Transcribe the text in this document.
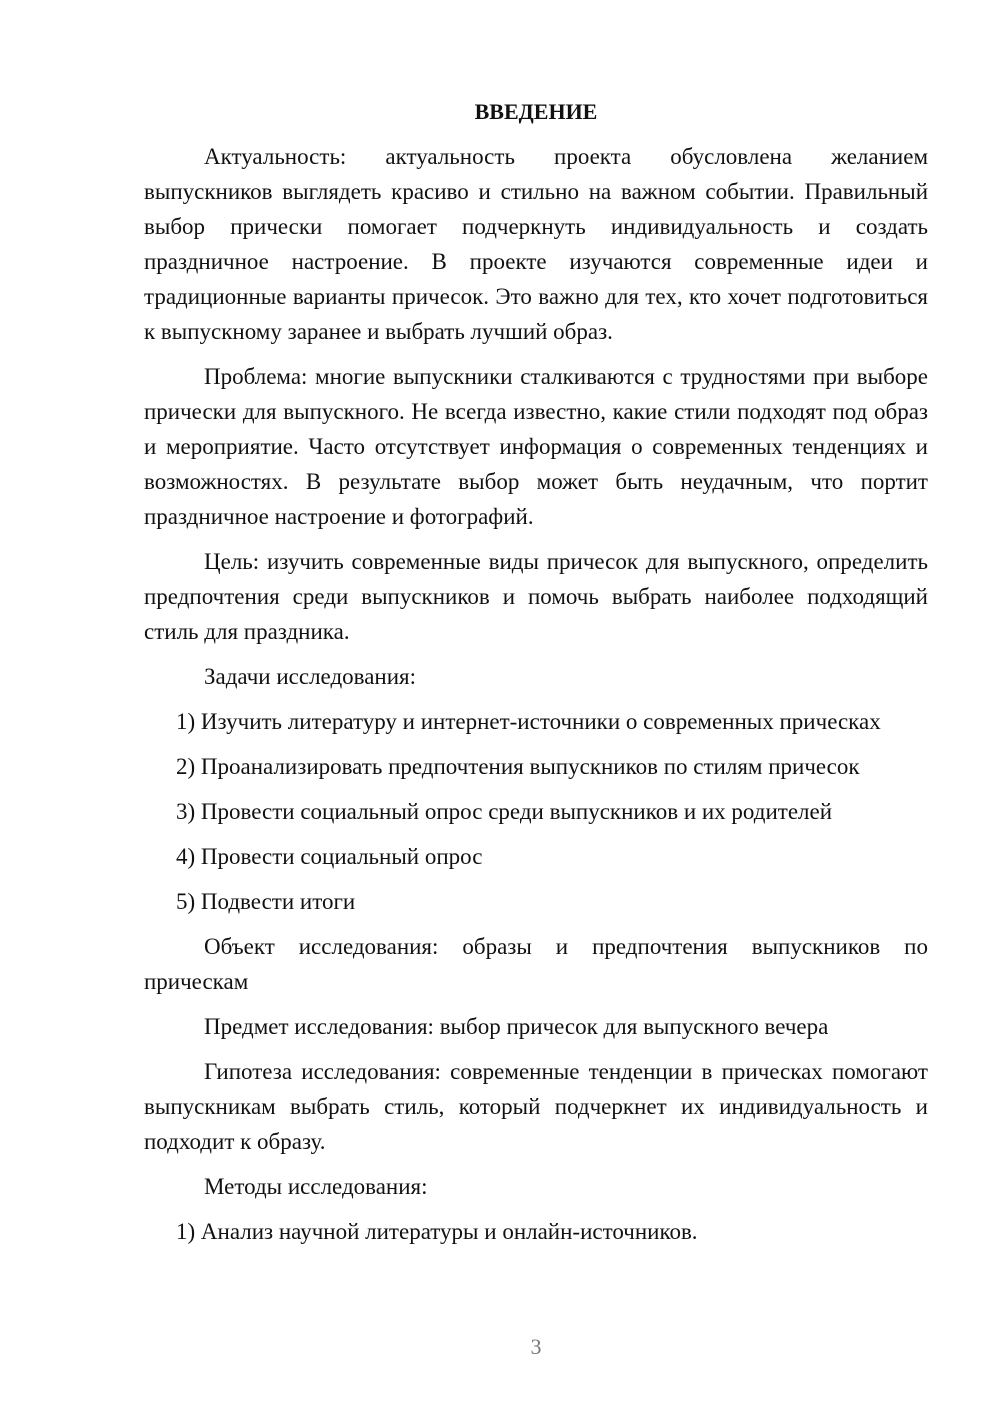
ВВЕДЕНИЕ

Актуальность: актуальность проекта обусловлена желанием выпускников выглядеть красиво и стильно на важном событии. Правильный выбор прически помогает подчеркнуть индивидуальность и создать праздничное настроение. В проекте изучаются современные идеи и традиционные варианты причесок. Это важно для тех, кто хочет подготовиться к выпускному заранее и выбрать лучший образ.

Проблема: многие выпускники сталкиваются с трудностями при выборе прически для выпускного. Не всегда известно, какие стили подходят под образ и мероприятие. Часто отсутствует информация о современных тенденциях и возможностях. В результате выбор может быть неудачным, что портит праздничное настроение и фотографий.

Цель: изучить современные виды причесок для выпускного, определить предпочтения среди выпускников и помочь выбрать наиболее подходящий стиль для праздника.

Задачи исследования:

1) Изучить литературу и интернет-источники о современных прическах

2) Проанализировать предпочтения выпускников по стилям причесок

3) Провести социальный опрос среди выпускников и их родителей

4) Провести социальный опрос

5) Подвести итоги

Объект исследования: образы и предпочтения выпускников по прическам

Предмет исследования: выбор причесок для выпускного вечера

Гипотеза исследования: современные тенденции в прическах помогают выпускникам выбрать стиль, который подчеркнет их индивидуальность и подходит к образу.

Методы исследования:

1) Анализ научной литературы и онлайн-источников.

3
